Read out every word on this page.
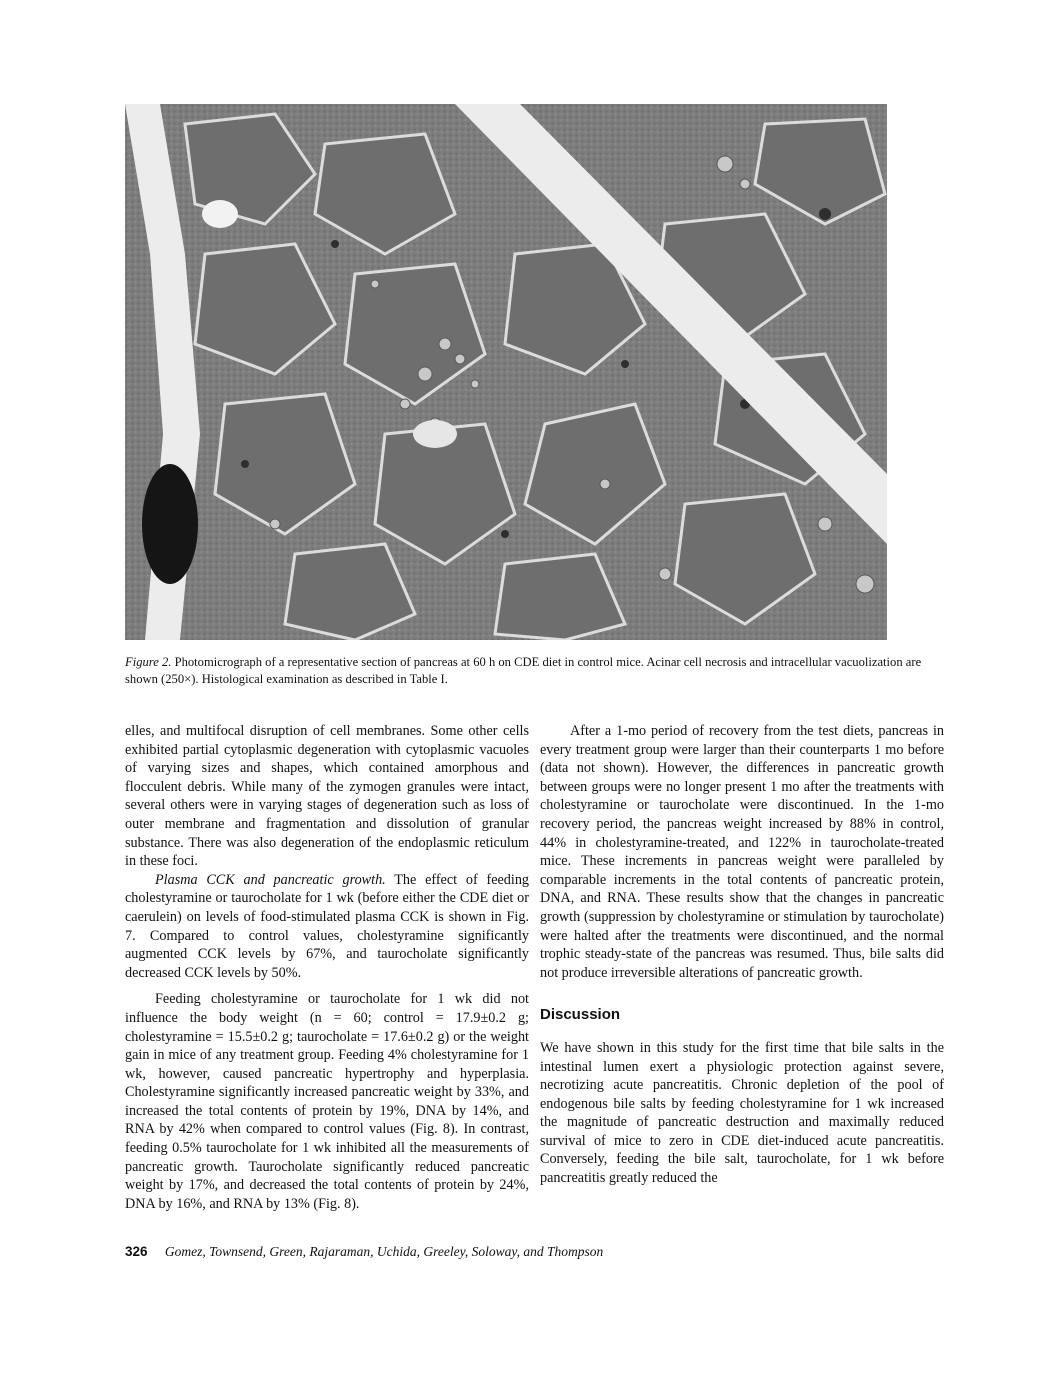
Figure 2. Photomicrograph of a representative section of pancreas at 60 h on CDE diet in control mice. Acinar cell necrosis and intracellular vacuolization are shown (250×). Histological examination as described in Table I.

elles, and multifocal disruption of cell membranes. Some other cells exhibited partial cytoplasmic degeneration with cytoplasmic vacuoles of varying sizes and shapes, which contained amorphous and flocculent debris. While many of the zymogen granules were intact, several others were in varying stages of degeneration such as loss of outer membrane and fragmentation and dissolution of granular substance. There was also degeneration of the endoplasmic reticulum in these foci.

Plasma CCK and pancreatic growth. The effect of feeding cholestyramine or taurocholate for 1 wk (before either the CDE diet or caerulein) on levels of food-stimulated plasma CCK is shown in Fig. 7. Compared to control values, cholestyramine significantly augmented CCK levels by 67%, and taurocholate significantly decreased CCK levels by 50%.

Feeding cholestyramine or taurocholate for 1 wk did not influence the body weight (n = 60; control = 17.9±0.2 g; cholestyramine = 15.5±0.2 g; taurocholate = 17.6±0.2 g) or the weight gain in mice of any treatment group. Feeding 4% cholestyramine for 1 wk, however, caused pancreatic hypertrophy and hyperplasia. Cholestyramine significantly increased pancreatic weight by 33%, and increased the total contents of protein by 19%, DNA by 14%, and RNA by 42% when compared to control values (Fig. 8). In contrast, feeding 0.5% taurocholate for 1 wk inhibited all the measurements of pancreatic growth. Taurocholate significantly reduced pancreatic weight by 17%, and decreased the total contents of protein by 24%, DNA by 16%, and RNA by 13% (Fig. 8).

After a 1-mo period of recovery from the test diets, pancreas in every treatment group were larger than their counterparts 1 mo before (data not shown). However, the differences in pancreatic growth between groups were no longer present 1 mo after the treatments with cholestyramine or taurocholate were discontinued. In the 1-mo recovery period, the pancreas weight increased by 88% in control, 44% in cholestyramine-treated, and 122% in taurocholate-treated mice. These increments in pancreas weight were paralleled by comparable increments in the total contents of pancreatic protein, DNA, and RNA. These results show that the changes in pancreatic growth (suppression by cholestyramine or stimulation by taurocholate) were halted after the treatments were discontinued, and the normal trophic steady-state of the pancreas was resumed. Thus, bile salts did not produce irreversible alterations of pancreatic growth.

Discussion

We have shown in this study for the first time that bile salts in the intestinal lumen exert a physiologic protection against severe, necrotizing acute pancreatitis. Chronic depletion of the pool of endogenous bile salts by feeding cholestyramine for 1 wk increased the magnitude of pancreatic destruction and maximally reduced survival of mice to zero in CDE diet-induced acute pancreatitis. Conversely, feeding the bile salt, taurocholate, for 1 wk before pancreatitis greatly reduced the

326 Gomez, Townsend, Green, Rajaraman, Uchida, Greeley, Soloway, and Thompson
